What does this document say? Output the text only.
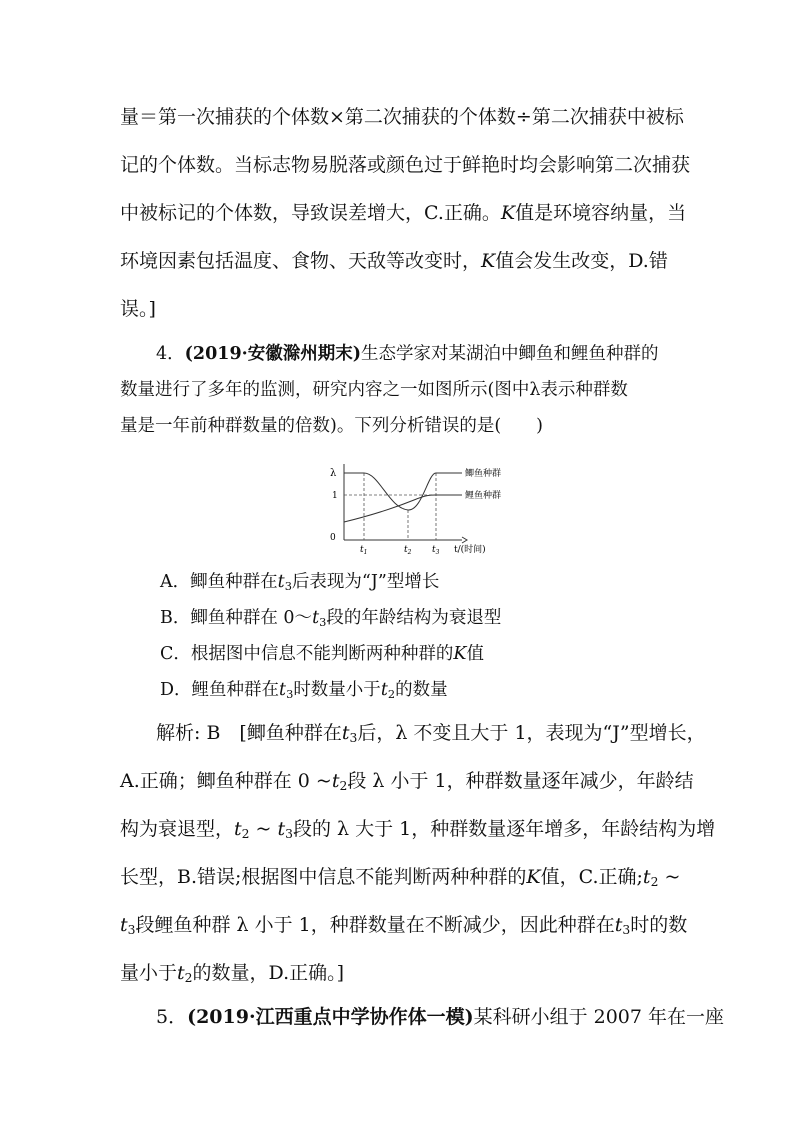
量＝第一次捕获的个体数×第二次捕获的个体数÷第二次捕获中被标
记的个体数。当标志物易脱落或颜色过于鲜艳时均会影响第二次捕获
中被标记的个体数，导致误差增大，C.正确。K值是环境容纳量，当
环境因素包括温度、食物、天敌等改变时，K值会发生改变，D.错
误。]
4．(2019·安徽滁州期末)生态学家对某湖泊中鲫鱼和鲤鱼种群的
数量进行了多年的监测，研究内容之一如图所示(图中λ表示种群数
量是一年前种群数量的倍数)。下列分析错误的是(　　)
λ
1
0
鲫鱼种群
鲤鱼种群
$t_1$	$t_2$ $t_3$ t/(时间)
A．鲫鱼种群在$t_3$后表现为“J”型增长
B．鲫鱼种群在 $0\sim t_3$段的年龄结构为衰退型
C．根据图中信息不能判断两种种群的K值
D．鲤鱼种群在$t_3$时数量小于$t_2$的数量
解析: B　[鲫鱼种群在$t_3$后，λ 不变且大于 1，表现为“J”型增长，
A.正确；鲫鱼种群在 0 $\sim t_2$段 λ 小于 1，种群数量逐年减少，年龄结
构为衰退型，$t_2$ ~ $t_3$段的 λ 大于 1，种群数量逐年增多，年龄结构为增
长型，B.错误;根据图中信息不能判断两种种群的K值，C.正确$;t_2$ ~
$t_3$段鲤鱼种群 λ 小于 1，种群数量在不断减少，因此种群在$t_3$时的数
量小于$t_2$的数量，D.正确。]
5．(2019·江西重点中学协作体一模)某科研小组于 2007 年在一座
